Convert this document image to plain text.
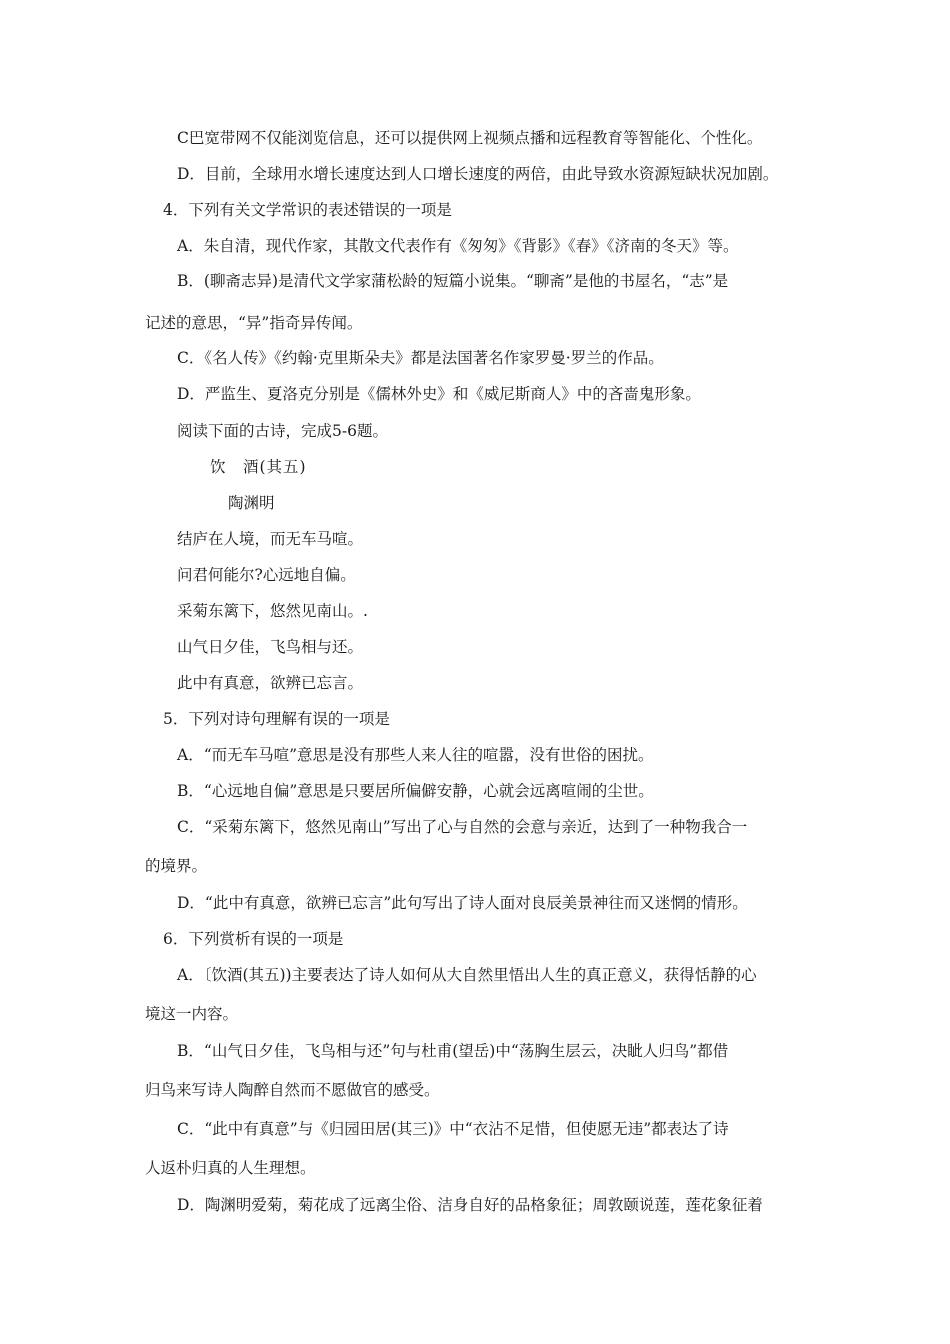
C巴宽带网不仅能浏览信息，还可以提供网上视频点播和远程教育等智能化、个性化。
D．目前，全球用水增长速度达到人口增长速度的两倍，由此导致水资源短缺状况加剧。
4．下列有关文学常识的表述错误的一项是
A．朱自清，现代作家，其散文代表作有《匆匆》《背影》《春》《济南的冬天》等。
B．(聊斋志异)是清代文学家蒲松龄的短篇小说集。“聊斋”是他的书屋名，“志”是
记述的意思，“异”指奇异传闻。
C．《名人传》《约翰·克里斯朵夫》都是法国著名作家罗曼·罗兰的作品。
D．严监生、夏洛克分别是《儒林外史》和《威尼斯商人》中的吝啬鬼形象。
阅读下面的古诗，完成5-6题。
饮　酒(其五)
陶渊明
结庐在人境，而无车马喧。
问君何能尔?心远地自偏。
采菊东篱下，悠然见南山。.
山气日夕佳，飞鸟相与还。
此中有真意，欲辨已忘言。
5．下列对诗句理解有误的一项是
A．“而无车马喧”意思是没有那些人来人往的喧嚣，没有世俗的困扰。
B．“心远地自偏”意思是只要居所偏僻安静，心就会远离喧闹的尘世。
C．“采菊东篱下，悠然见南山”写出了心与自然的会意与亲近，达到了一种物我合一
的境界。
D．“此中有真意，欲辨已忘言”此句写出了诗人面对良辰美景神往而又迷惘的情形。
6．下列赏析有误的一项是
A．〔饮酒(其五))主要表达了诗人如何从大自然里悟出人生的真正意义，获得恬静的心
境这一内容。
B．“山气日夕佳，飞鸟相与还”句与杜甫(望岳)中“荡胸生层云，决眦人归鸟”都借
归鸟来写诗人陶醉自然而不愿做官的感受。
C．“此中有真意”与《归园田居(其三)》中“衣沾不足惜，但使愿无违”都表达了诗
人返朴归真的人生理想。
D．陶渊明爱菊，菊花成了远离尘俗、洁身自好的品格象征；周敦颐说莲，莲花象征着
